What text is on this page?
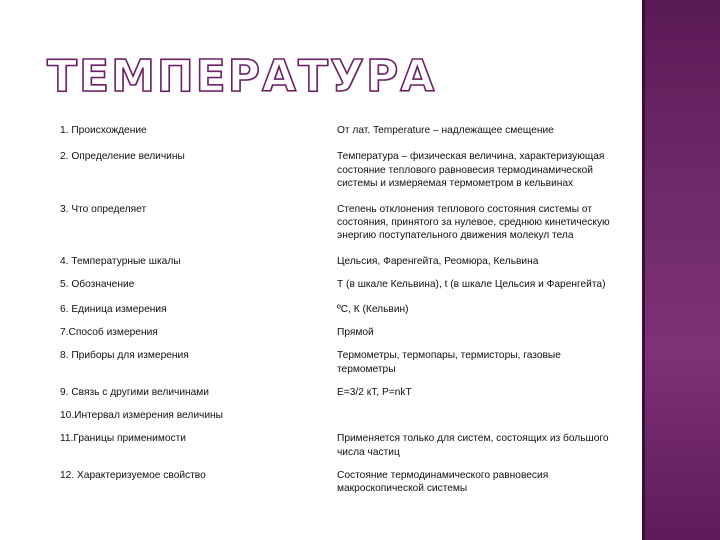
ТЕМПЕРАТУРА
1. Происхождение	От лат. Temperature – надлежащее смещение
2. Определение величины	Температура – физическая величина, характеризующая состояние теплового равновесия термодинамической системы и измеряемая термометром в кельвинах
3. Что определяет	Степень отклонения теплового состояния системы от состояния, принятого за нулевое, среднюю кинетическую энергию поступательного движения молекул тела
4. Температурные шкалы	Цельсия, Фаренгейта, Реомюра, Кельвина
5. Обозначение	Т (в шкале Кельвина), t (в шкале Цельсия и Фаренгейта)
6. Единица измерения	ºС, К (Кельвин)
7.Способ измерения	Прямой
8. Приборы для измерения	Термометры, термопары, термисторы, газовые термометры
9. Связь с другими величинами	E=3/2 кT, P=nkT
10.Интервал измерения величины
11.Границы применимости	Применяется только для систем, состоящих из большого числа частиц
12. Характеризуемое свойство	Состояние термодинамического равновесия макроскопической системы
